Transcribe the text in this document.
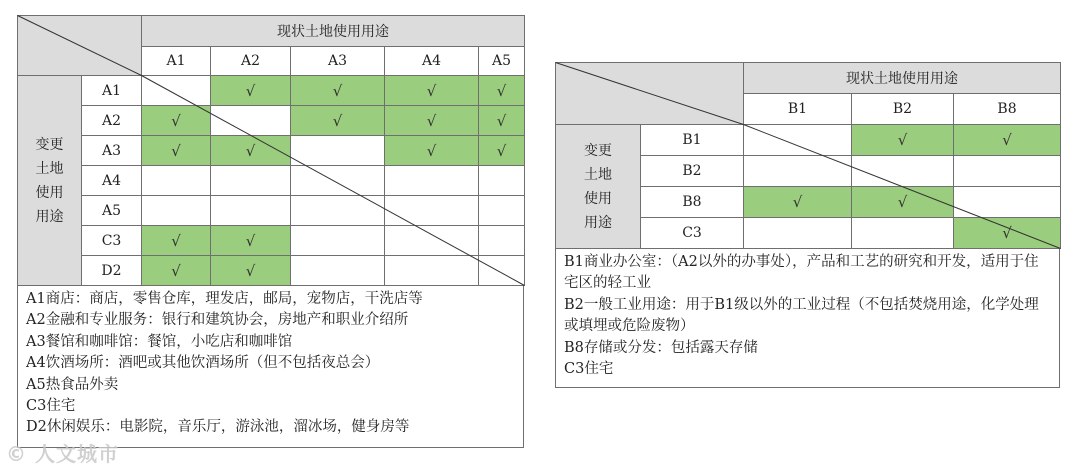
		现状土地使用用途				
		A1	A2	A3	A4	A5

变更
土地
使用
用途	A1		√	√	√	√
	A2	√		√	√	√
	A3	√	√		√	√
	A4					
	A5					
	C3	√	√			
	D2	√	√			
A1商店：商店，零售仓库，理发店，邮局，宠物店，干洗店等
A2金融和专业服务：银行和建筑协会，房地产和职业介绍所
A3餐馆和咖啡馆：餐馆，小吃店和咖啡馆
A4饮酒场所：酒吧或其他饮酒场所（但不包括夜总会）
A5热食品外卖
C3住宅
D2休闲娱乐：电影院，音乐厅，游泳池，溜冰场，健身房等
		现状土地使用用途		
		B1	B2	B8

变更
土地
使用
用途	B1		√	√
	B2			
	B8	√	√	
	C3			√
B1商业办公室：（A2以外的办事处），产品和工艺的研究和开发，适用于住宅区的轻工业
B2一般工业用途：用于B1级以外的工业过程（不包括焚烧用途，化学处理或填埋或危险废物）
B8存储或分发：包括露天存储
C3住宅
© 人文城市
